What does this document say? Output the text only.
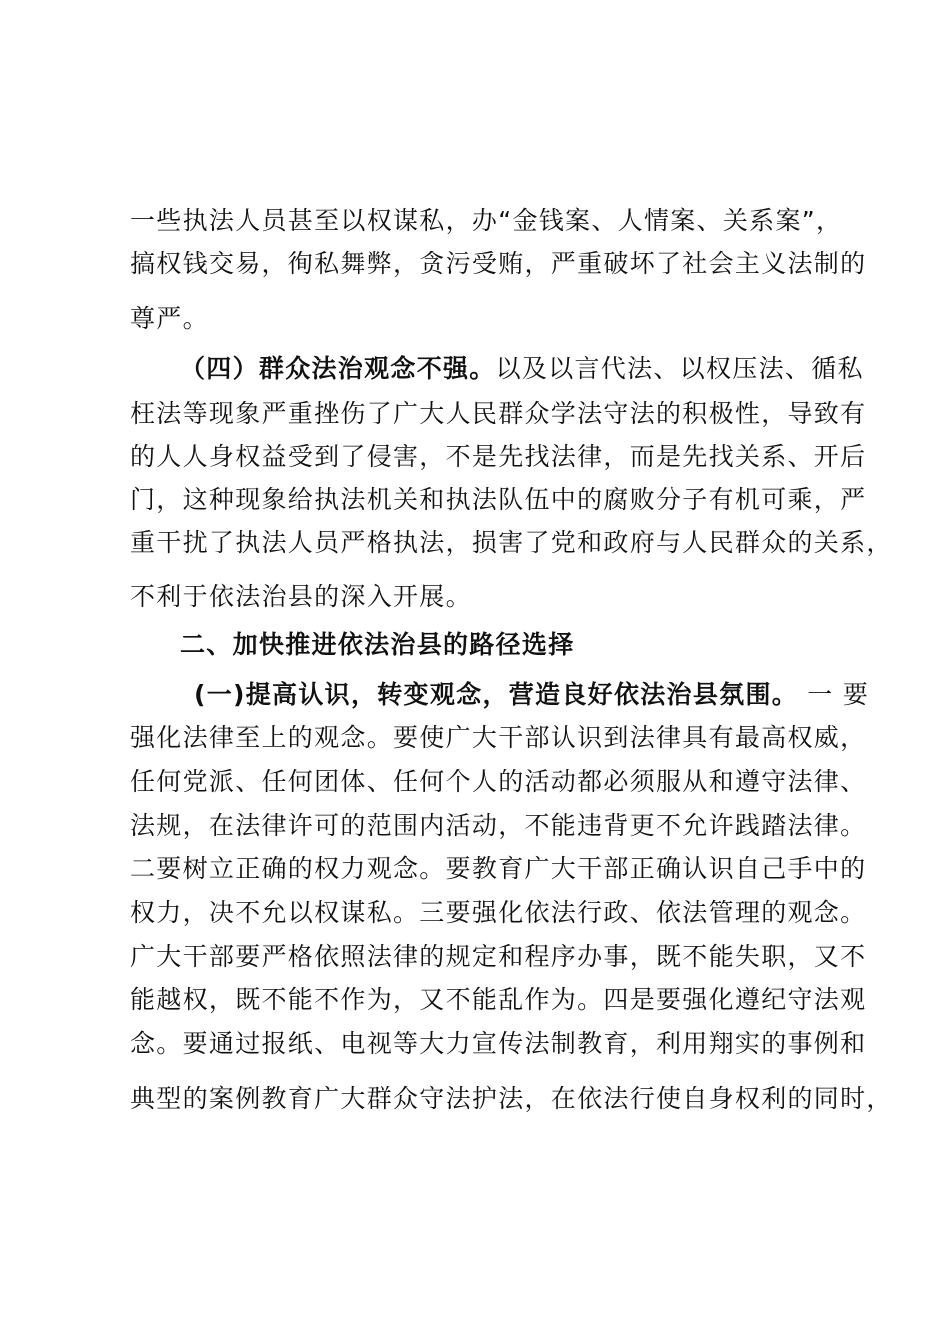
一些执法人员甚至以权谋私，办“金钱案、人情案、关系案”，
搞权钱交易，徇私舞弊，贪污受贿，严重破坏了社会主义法制的
尊严。
（四）群众法治观念不强。以及以言代法、以权压法、循私
枉法等现象严重挫伤了广大人民群众学法守法的积极性，导致有
的人人身权益受到了侵害，不是先找法律，而是先找关系、开后
门，这种现象给执法机关和执法队伍中的腐败分子有机可乘，严
重干扰了执法人员严格执法，损害了党和政府与人民群众的关系，
不利于依法治县的深入开展。
二、加快推进依法治县的路径选择
(一)提高认识，转变观念，营造良好依法治县氛围。 一 要
强化法律至上的观念。要使广大干部认识到法律具有最高权威，
任何党派、任何团体、任何个人的活动都必须服从和遵守法律、
法规，在法律许可的范围内活动，不能违背更不允许践踏法律。
二要树立正确的权力观念。要教育广大干部正确认识自己手中的
权力，决不允以权谋私。三要强化依法行政、依法管理的观念。
广大干部要严格依照法律的规定和程序办事，既不能失职，又不
能越权，既不能不作为，又不能乱作为。四是要强化遵纪守法观
念。要通过报纸、电视等大力宣传法制教育，利用翔实的事例和
典型的案例教育广大群众守法护法，在依法行使自身权利的同时，
